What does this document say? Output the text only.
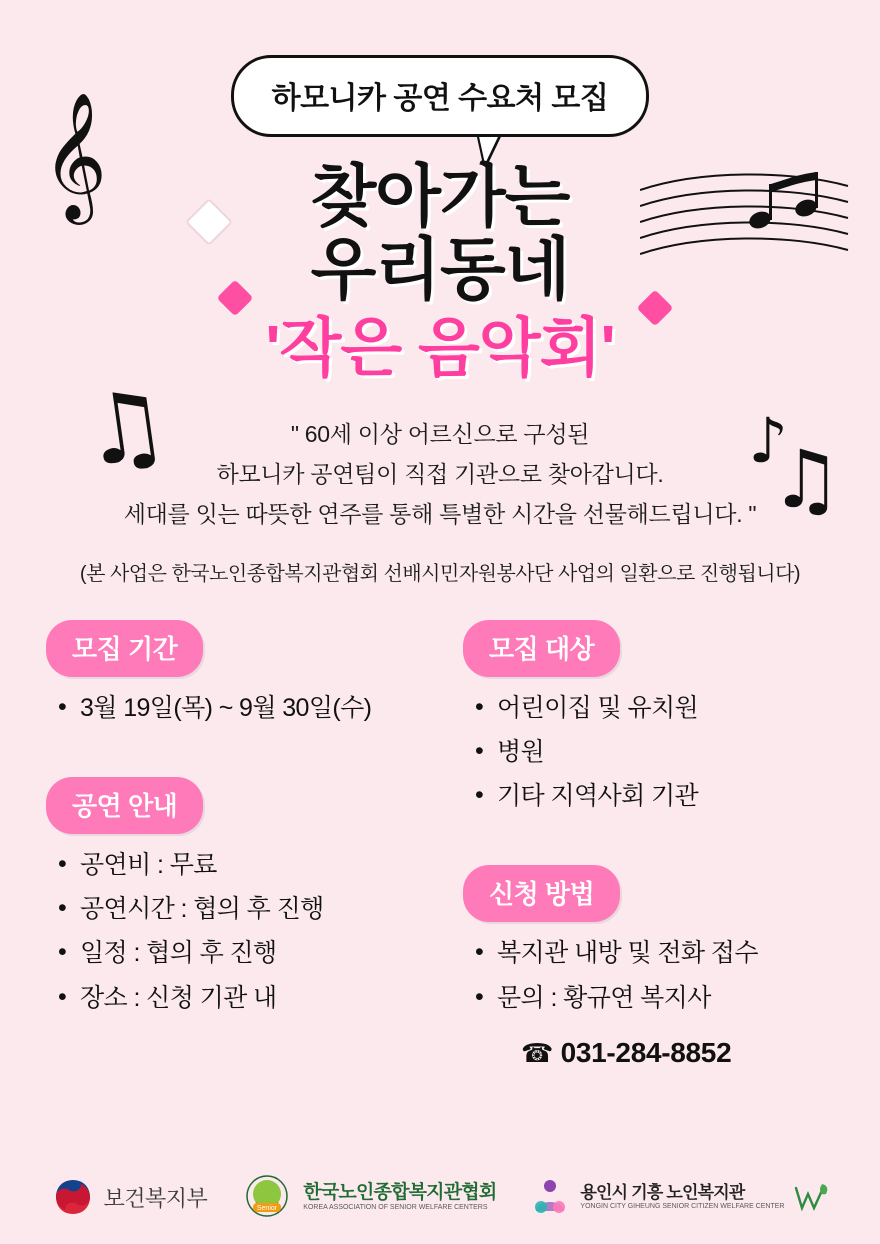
𝄞
♫	♪
♫
하모니카 공연 수요처 모집
찾아가는
우리동네
'작은 음악회'
" 60세 이상 어르신으로 구성된
하모니카 공연팀이 직접 기관으로 찾아갑니다.
세대를 잇는 따뜻한 연주를 통해 특별한 시간을 선물해드립니다. "
(본 사업은 한국노인종합복지관협회 선배시민자원봉사단 사업의 일환으로 진행됩니다)
모집 기간
• 3월 19일(목) ~ 9월 30일(수)
공연 안내
• 공연비 : 무료
• 공연시간 : 협의 후 진행
• 일정 : 협의 후 진행
• 장소 : 신청 기관 내
모집 대상
• 어린이집 및 유치원
• 병원
• 기타 지역사회 기관
신청 방법
• 복지관 내방 및 전화 접수
• 문의 : 황규연 복지사
☎ 031-284-8852
보건복지부	Senior
한국노인종합복지관협회
KOREA ASSOCIATION OF SENIOR WELFARE CENTERS
용인시 기흥 노인복지관
YONGIN CITY GIHEUNG SENIOR CITIZEN WELFARE CENTER
